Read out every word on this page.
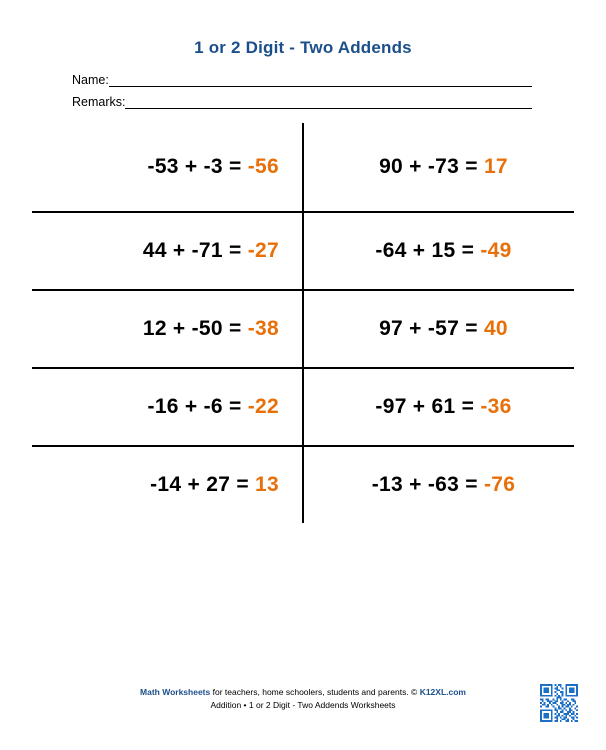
1 or 2 Digit - Two Addends
Name:
Remarks:
-53 + -3 = -56	90 + -73 = 17
44 + -71 = -27	-64 + 15 = -49
12 + -50 = -38	97 + -57 = 40
-16 + -6 = -22	-97 + 61 = -36
-14 + 27 = 13	-13 + -63 = -76
Math Worksheets for teachers, home schoolers, students and parents. © K12XL.com
Addition • 1 or 2 Digit - Two Addends Worksheets
